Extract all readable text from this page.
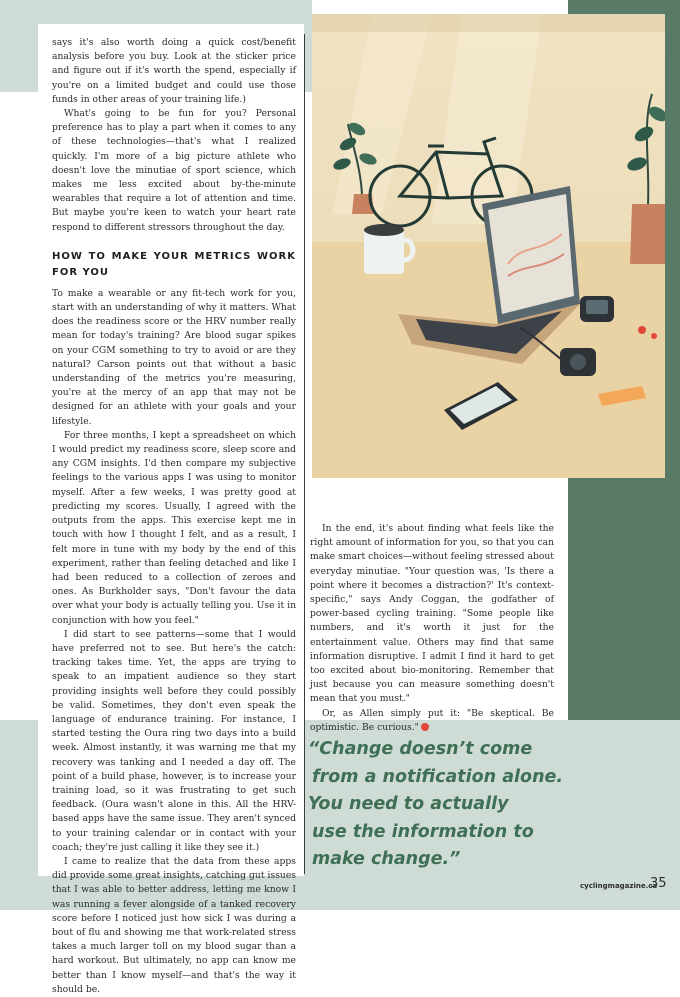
says it's also worth doing a quick cost/benefit analysis before you buy. Look at the sticker price and figure out if it's worth the spend, especially if you're on a limited budget and could use those funds in other areas of your training life.)

What's going to be fun for you? Personal preference has to play a part when it comes to any of these technologies—that's what I realized quickly. I'm more of a big picture athlete who doesn't love the minutiae of sport science, which makes me less excited about by-the-minute wearables that require a lot of attention and time. But maybe you're keen to watch your heart rate respond to different stressors throughout the day.

HOW TO MAKE YOUR METRICS WORK FOR YOU

To make a wearable or any fit-tech work for you, start with an understanding of why it matters. What does the readiness score or the HRV number really mean for today's training? Are blood sugar spikes on your CGM something to try to avoid or are they natural? Carson points out that without a basic understanding of the metrics you're measuring, you're at the mercy of an app that may not be designed for an athlete with your goals and your lifestyle.

For three months, I kept a spreadsheet on which I would predict my readiness score, sleep score and any CGM insights. I'd then compare my subjective feelings to the various apps I was using to monitor myself. After a few weeks, I was pretty good at predicting my scores. Usually, I agreed with the outputs from the apps. This exercise kept me in touch with how I thought I felt, and as a result, I felt more in tune with my body by the end of this experiment, rather than feeling detached and like I had been reduced to a collection of zeroes and ones. As Burkholder says, "Don't favour the data over what your body is actually telling you. Use it in conjunction with how you feel."

I did start to see patterns—some that I would have preferred not to see. But here's the catch: tracking takes time. Yet, the apps are trying to speak to an impatient audience so they start providing insights well before they could possibly be valid. Sometimes, they don't even speak the language of endurance training. For instance, I started testing the Oura ring two days into a build week. Almost instantly, it was warning me that my recovery was tanking and I needed a day off. The point of a build phase, however, is to increase your training load, so it was frustrating to get such feedback. (Oura wasn't alone in this. All the HRV-based apps have the same issue. They aren't synced to your training calendar or in contact with your coach; they're just calling it like they see it.)

I came to realize that the data from these apps did provide some great insights, catching gut issues that I was able to better address, letting me know I was running a fever alongside of a tanked recovery score before I noticed just how sick I was during a bout of flu and showing me that work-related stress takes a much larger toll on my blood sugar than a hard workout. But ultimately, no app can know me better than I know myself—and that's the way it should be.

In the end, it's about finding what feels like the right amount of information for you, so that you can make smart choices—without feeling stressed about everyday minutiae. "Your question was, 'Is there a point where it becomes a distraction?' It's context-specific," says Andy Coggan, the godfather of power-based cycling training. "Some people like numbers, and it's worth it just for the entertainment value. Others may find that same information disruptive. I admit I find it hard to get too excited about bio-monitoring. Remember that just because you can measure something doesn't mean that you must."

Or, as Allen simply put it: "Be skeptical. Be optimistic. Be curious."

“Change doesn’t come
from a notification alone.
You need to actually
use the information to
make change.”
cyclingmagazine.ca
35
